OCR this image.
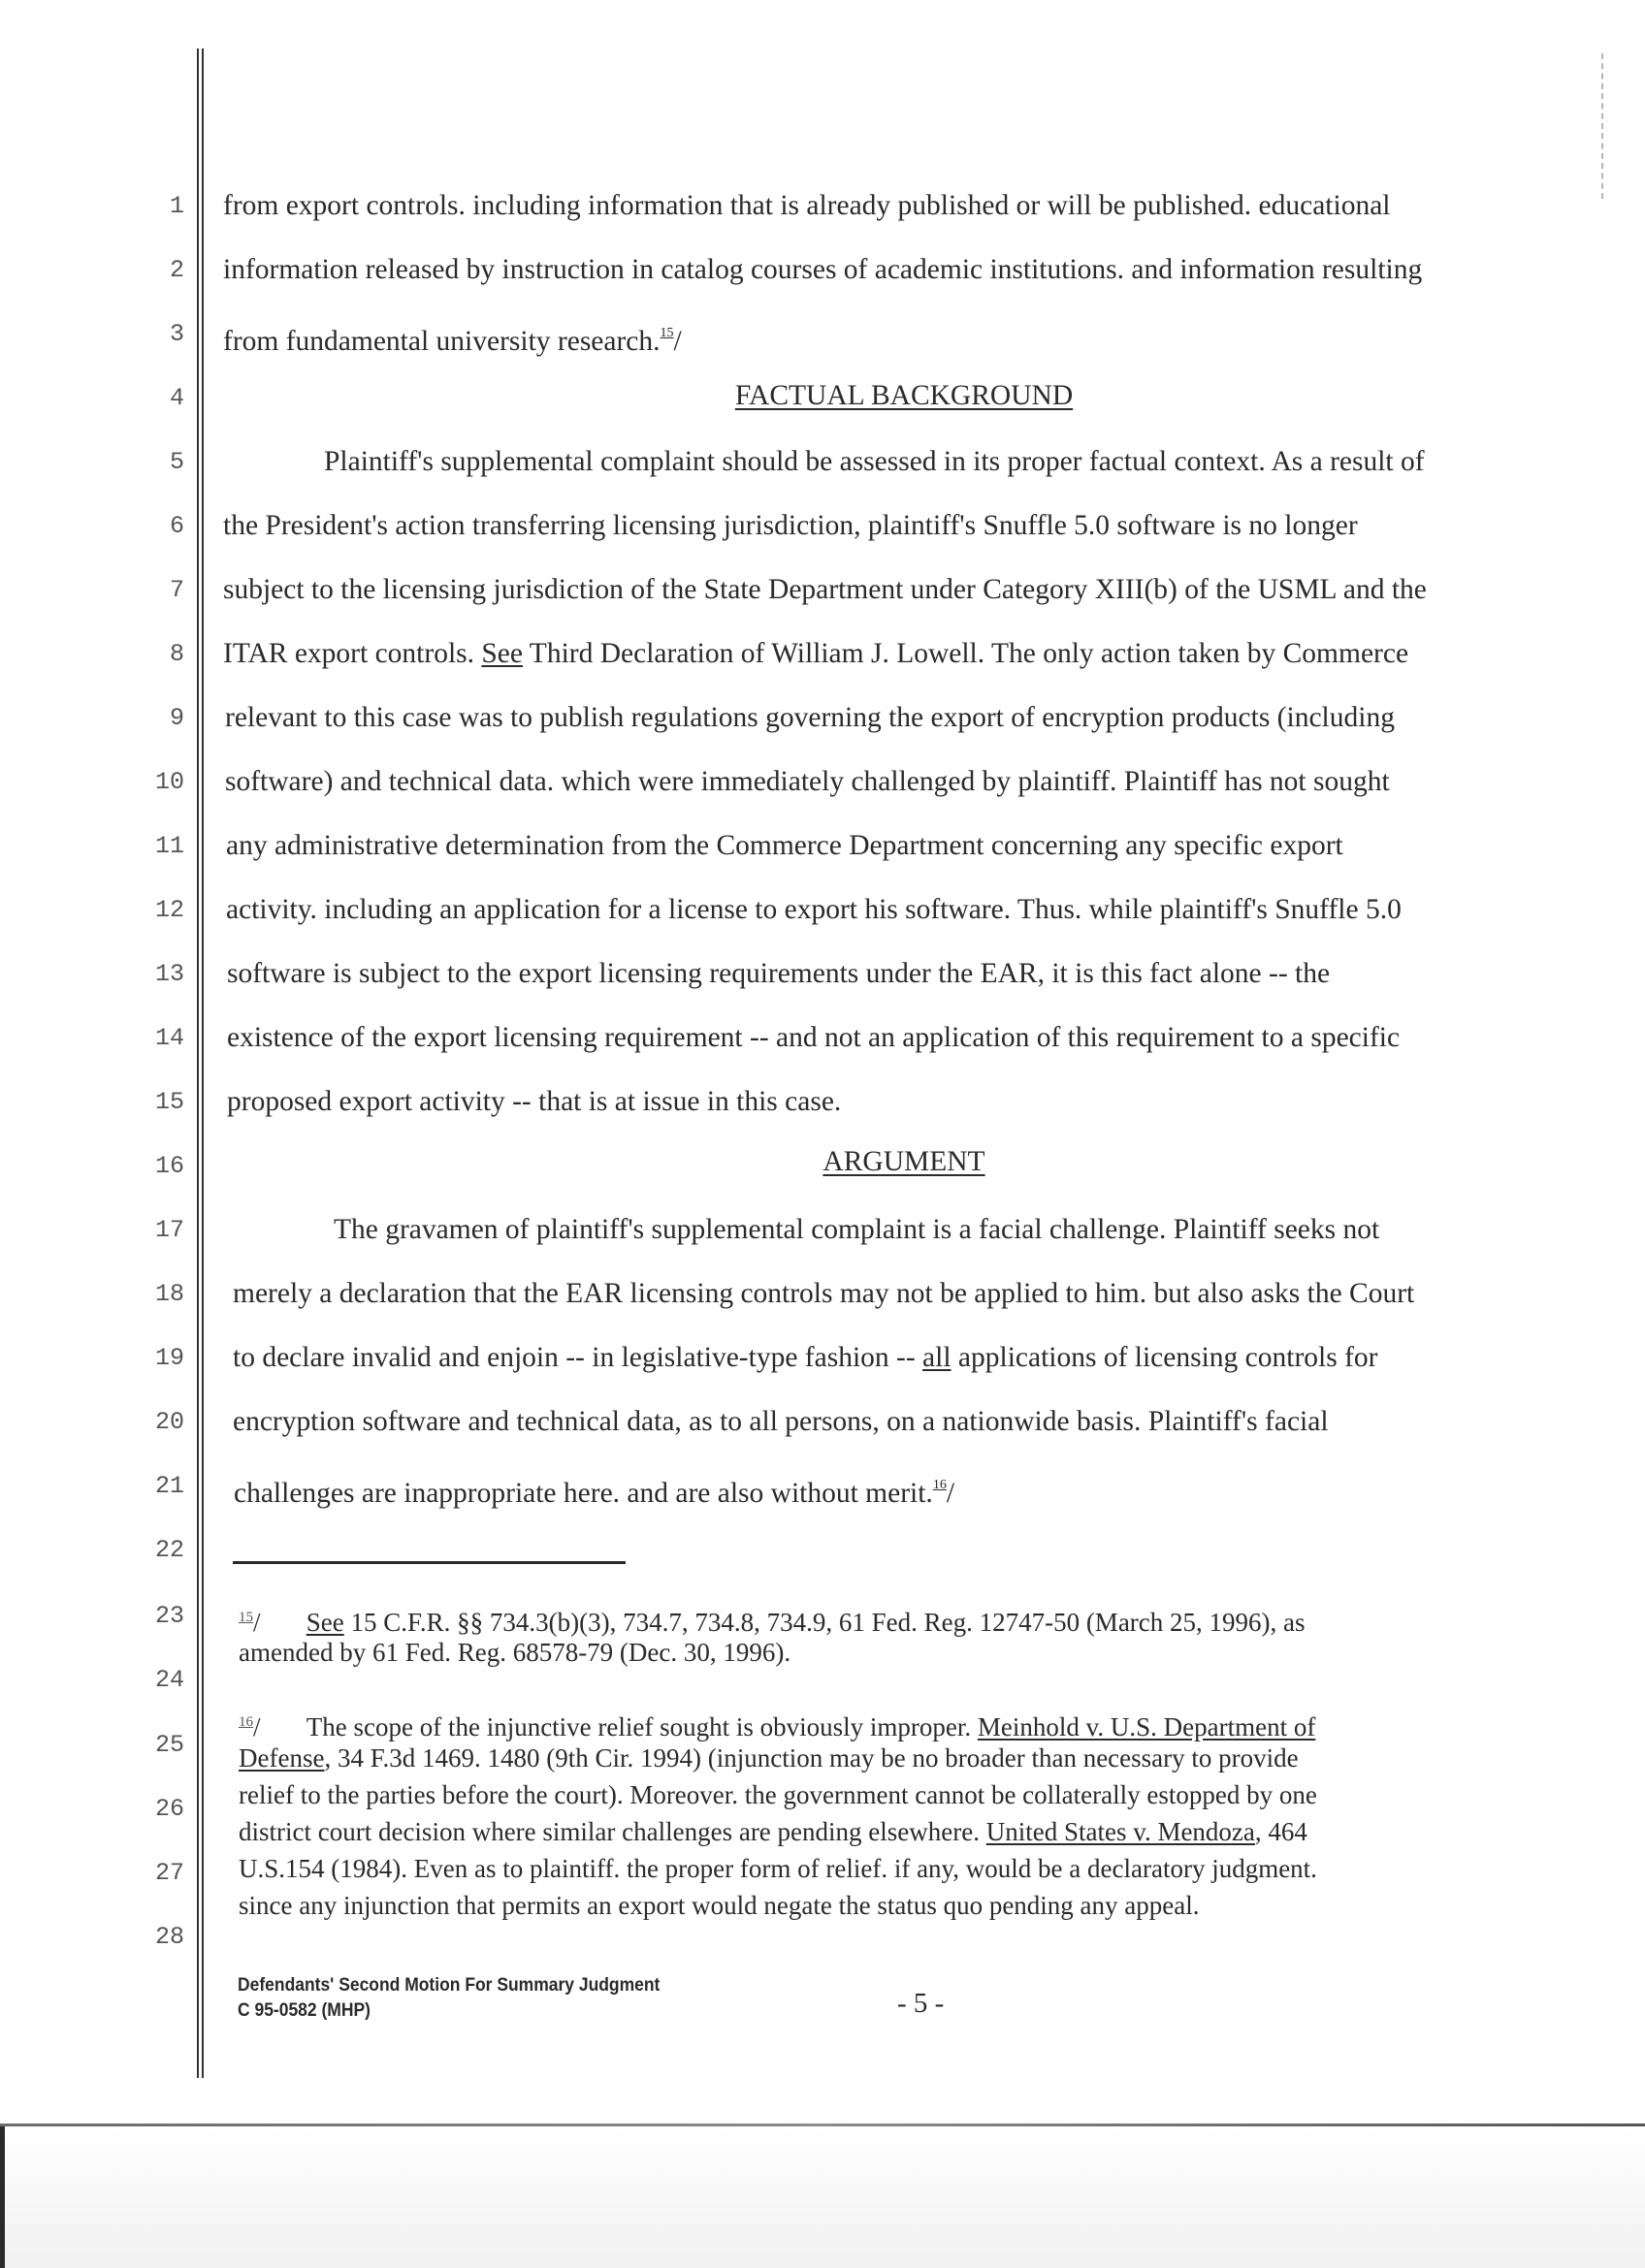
1
2
3
4
5
6
7
8
9
10
11
12
13
14
15
16
17
18
19
20
21
22
23
24
25
26
27
28
from export controls. including information that is already published or will be published. educational
information released by instruction in catalog courses of academic institutions. and information resulting
from fundamental university research.$^{15}$/
FACTUAL BACKGROUND
Plaintiff's supplemental complaint should be assessed in its proper factual context. As a result of
the President's action transferring licensing jurisdiction, plaintiff's Snuffle 5.0 software is no longer
subject to the licensing jurisdiction of the State Department under Category XIII(b) of the USML and the
ITAR export controls. See Third Declaration of William J. Lowell. The only action taken by Commerce
relevant to this case was to publish regulations governing the export of encryption products (including
software) and technical data. which were immediately challenged by plaintiff. Plaintiff has not sought
any administrative determination from the Commerce Department concerning any specific export
activity. including an application for a license to export his software. Thus. while plaintiff's Snuffle 5.0
software is subject to the export licensing requirements under the EAR, it is this fact alone -- the
existence of the export licensing requirement -- and not an application of this requirement to a specific
proposed export activity -- that is at issue in this case.
ARGUMENT
The gravamen of plaintiff's supplemental complaint is a facial challenge. Plaintiff seeks not
merely a declaration that the EAR licensing controls may not be applied to him. but also asks the Court
to declare invalid and enjoin -- in legislative-type fashion -- all applications of licensing controls for
encryption software and technical data, as to all persons, on a nationwide basis. Plaintiff's facial
challenges are inappropriate here. and are also without merit.$^{16}$/
$^{15}$/       See 15 C.F.R. §§ 734.3(b)(3), 734.7, 734.8, 734.9, 61 Fed. Reg. 12747-50 (March 25, 1996), as
amended by 61 Fed. Reg. 68578-79 (Dec. 30, 1996).
$^{16}$/       The scope of the injunctive relief sought is obviously improper. Meinhold v. U.S. Department of
Defense, 34 F.3d 1469. 1480 (9th Cir. 1994) (injunction may be no broader than necessary to provide
relief to the parties before the court). Moreover. the government cannot be collaterally estopped by one
district court decision where similar challenges are pending elsewhere. United States v. Mendoza, 464
U.S.154 (1984). Even as to plaintiff. the proper form of relief. if any, would be a declaratory judgment.
since any injunction that permits an export would negate the status quo pending any appeal.
Defendants' Second Motion For Summary Judgment
C 95-0582 (MHP)	- 5 -
